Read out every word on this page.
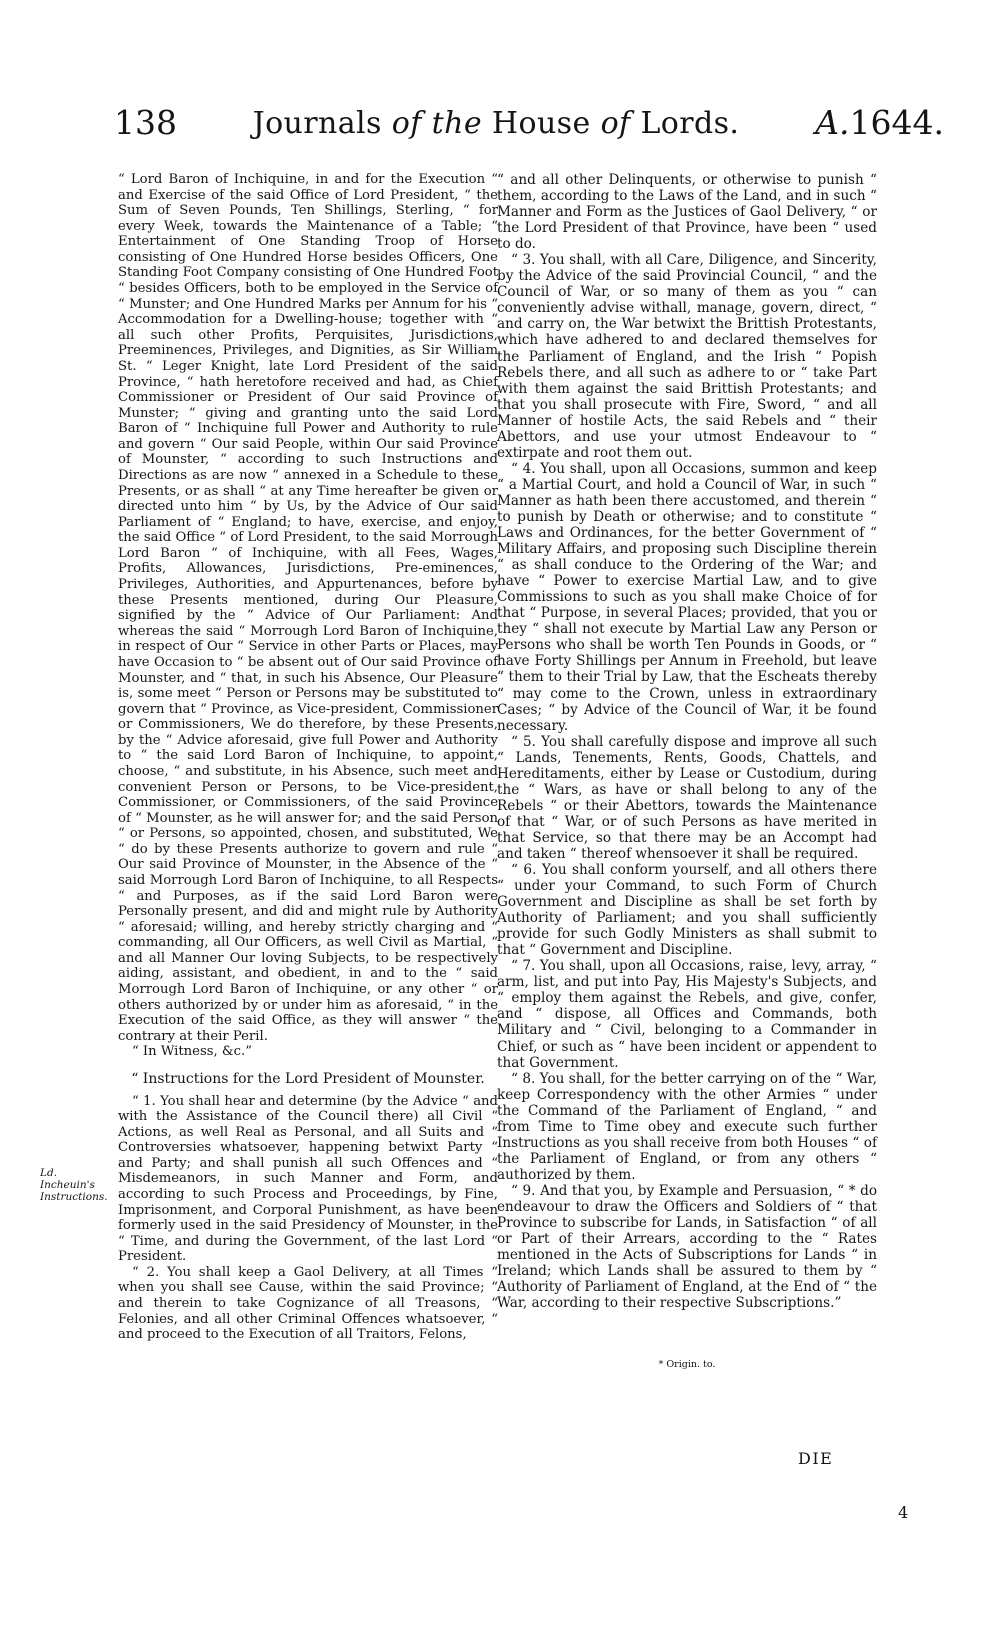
138	Journals of the House of Lords.	A.1644.

“ Lord Baron of Inchiquine, in and for the Execution “ and Exercise of the said Office of Lord President, “ the Sum of Seven Pounds, Ten Shillings, Sterling, “ for every Week, towards the Maintenance of a Table; “ Entertainment of One Standing Troop of Horse consisting of One Hundred Horse besides Officers, One Standing Foot Company consisting of One Hundred Foot “ besides Officers, both to be employed in the Service of “ Munster; and One Hundred Marks per Annum for his “ Accommodation for a Dwelling-house; together with “ all such other Profits, Perquisites, Jurisdictions, Preeminences, Privileges, and Dignities, as Sir William St. “ Leger Knight, late Lord President of the said Province, “ hath heretofore received and had, as Chief Commissioner or President of Our said Province of Munster; “ giving and granting unto the said Lord Baron of “ Inchiquine full Power and Authority to rule and govern “ Our said People, within Our said Province of Mounster, “ according to such Instructions and Directions as are now “ annexed in a Schedule to these Presents, or as shall “ at any Time hereafter be given or directed unto him “ by Us, by the Advice of Our said Parliament of “ England; to have, exercise, and enjoy, the said Office “ of Lord President, to the said Morrough Lord Baron “ of Inchiquine, with all Fees, Wages, Profits, Allowances, Jurisdictions, Pre-eminences, Privileges, Authorities, and Appurtenances, before by these Presents mentioned, during Our Pleasure, signified by the “ Advice of Our Parliament: And whereas the said “ Morrough Lord Baron of Inchiquine, in respect of Our “ Service in other Parts or Places, may have Occasion to “ be absent out of Our said Province of Mounster, and “ that, in such his Absence, Our Pleasure is, some meet “ Person or Persons may be substituted to govern that “ Province, as Vice-president, Commissioner or Commissioners, We do therefore, by these Presents, by the “ Advice aforesaid, give full Power and Authority to “ the said Lord Baron of Inchiquine, to appoint, choose, “ and substitute, in his Absence, such meet and convenient Person or Persons, to be Vice-president, Commissioner, or Commissioners, of the said Province of “ Mounster, as he will answer for; and the said Person “ or Persons, so appointed, chosen, and substituted, We “ do by these Presents authorize to govern and rule “ Our said Province of Mounster, in the Absence of the “ said Morrough Lord Baron of Inchiquine, to all Respects “ and Purposes, as if the said Lord Baron were Personally present, and did and might rule by Authority “ aforesaid; willing, and hereby strictly charging and “ commanding, all Our Officers, as well Civil as Martial, “ and all Manner Our loving Subjects, to be respectively aiding, assistant, and obedient, in and to the “ said Morrough Lord Baron of Inchiquine, or any other “ or others authorized by or under him as aforesaid, “ in the Execution of the said Office, as they will answer “ the contrary at their Peril.

“ In Witness, &c.”

“ Instructions for the Lord President of Mounster.

“ 1. You shall hear and determine (by the Advice “ and with the Assistance of the Council there) all Civil “ Actions, as well Real as Personal, and all Suits and “ Controversies whatsoever, happening betwixt Party “ and Party; and shall punish all such Offences and “ Misdemeanors, in such Manner and Form, and according to such Process and Proceedings, by Fine, Imprisonment, and Corporal Punishment, as have been formerly used in the said Presidency of Mounster, in the “ Time, and during the Government, of the last Lord “ President.

“ 2. You shall keep a Gaol Delivery, at all Times “ when you shall see Cause, within the said Province; “ and therein to take Cognizance of all Treasons, “ Felonies, and all other Criminal Offences whatsoever, “ and proceed to the Execution of all Traitors, Felons,

Ld. Incheuin's Instructions.

“ and all other Delinquents, or otherwise to punish “ them, according to the Laws of the Land, and in such “ Manner and Form as the Justices of Gaol Delivery, “ or the Lord President of that Province, have been “ used to do.

“ 3. You shall, with all Care, Diligence, and Sincerity, by the Advice of the said Provincial Council, “ and the Council of War, or so many of them as you “ can conveniently advise withall, manage, govern, direct, “ and carry on, the War betwixt the Brittish Protestants, which have adhered to and declared themselves for the Parliament of England, and the Irish “ Popish Rebels there, and all such as adhere to or “ take Part with them against the said Brittish Protestants; and that you shall prosecute with Fire, Sword, “ and all Manner of hostile Acts, the said Rebels and “ their Abettors, and use your utmost Endeavour to “ extirpate and root them out.

“ 4. You shall, upon all Occasions, summon and keep “ a Martial Court, and hold a Council of War, in such “ Manner as hath been there accustomed, and therein “ to punish by Death or otherwise; and to constitute “ Laws and Ordinances, for the better Government of “ Military Affairs, and proposing such Discipline therein “ as shall conduce to the Ordering of the War; and have “ Power to exercise Martial Law, and to give Commissions to such as you shall make Choice of for that “ Purpose, in several Places; provided, that you or they “ shall not execute by Martial Law any Person or Persons who shall be worth Ten Pounds in Goods, or “ have Forty Shillings per Annum in Freehold, but leave “ them to their Trial by Law, that the Escheats thereby “ may come to the Crown, unless in extraordinary Cases; “ by Advice of the Council of War, it be found necessary.

“ 5. You shall carefully dispose and improve all such “ Lands, Tenements, Rents, Goods, Chattels, and Hereditaments, either by Lease or Custodium, during the “ Wars, as have or shall belong to any of the Rebels “ or their Abettors, towards the Maintenance of that “ War, or of such Persons as have merited in that Service, so that there may be an Accompt had and taken “ thereof whensoever it shall be required.

“ 6. You shall conform yourself, and all others there “ under your Command, to such Form of Church Government and Discipline as shall be set forth by Authority of Parliament; and you shall sufficiently provide for such Godly Ministers as shall submit to that “ Government and Discipline.

“ 7. You shall, upon all Occasions, raise, levy, array, “ arm, list, and put into Pay, His Majesty's Subjects, and “ employ them against the Rebels, and give, confer, and “ dispose, all Offices and Commands, both Military and “ Civil, belonging to a Commander in Chief, or such as “ have been incident or appendent to that Government.

“ 8. You shall, for the better carrying on of the “ War, keep Correspondency with the other Armies “ under the Command of the Parliament of England, “ and from Time to Time obey and execute such further Instructions as you shall receive from both Houses “ of the Parliament of England, or from any others “ authorized by them.

“ 9. And that you, by Example and Persuasion, “ * do endeavour to draw the Officers and Soldiers of “ that Province to subscribe for Lands, in Satisfaction “ of all or Part of their Arrears, according to the “ Rates mentioned in the Acts of Subscriptions for Lands “ in Ireland; which Lands shall be assured to them by “ Authority of Parliament of England, at the End of “ the War, according to their respective Subscriptions.”

* Origin. to.
DIE
4
